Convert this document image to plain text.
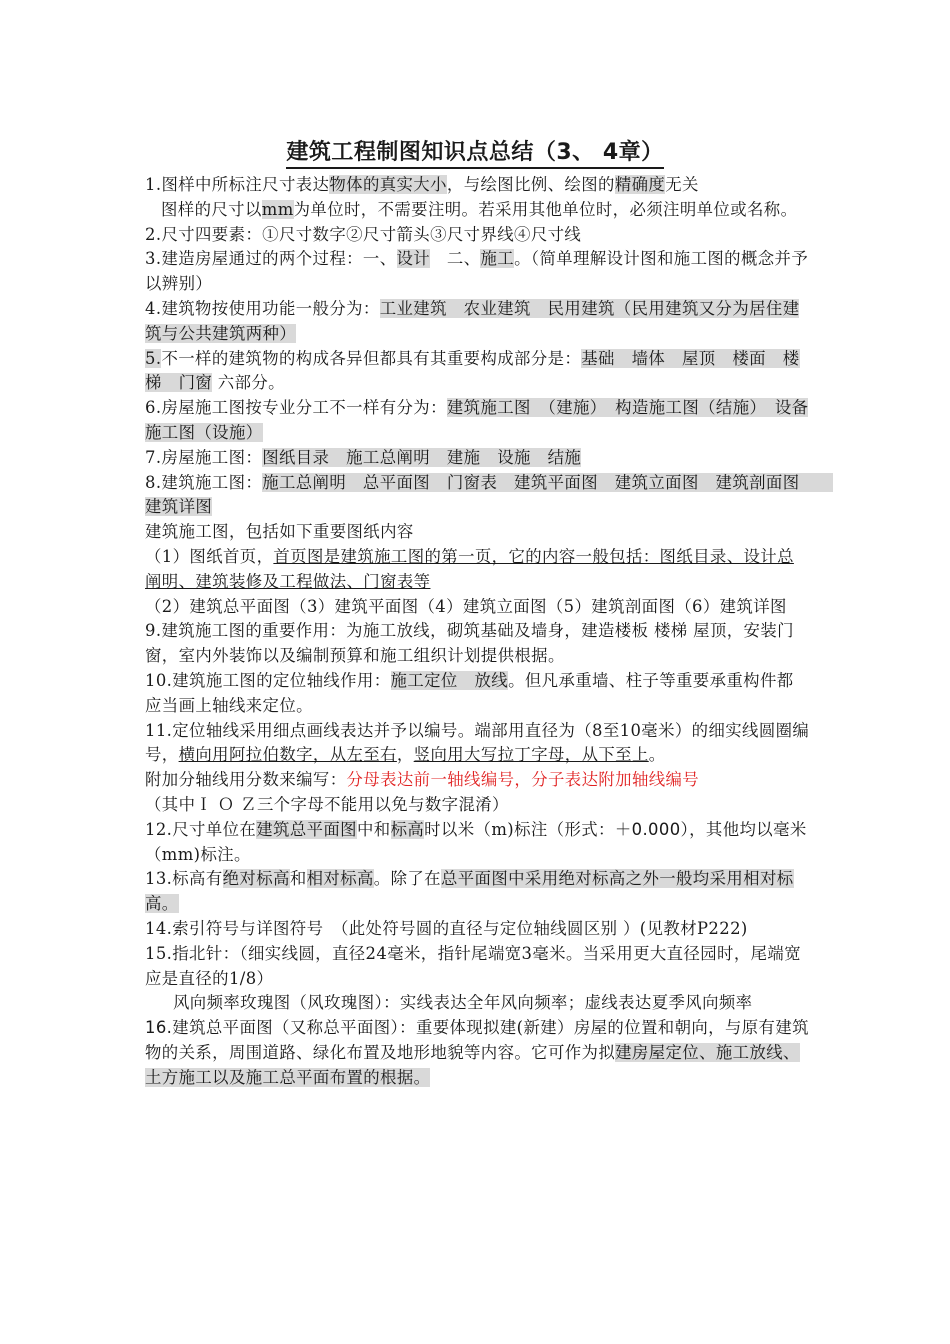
建筑工程制图知识点总结（3、 4章）

1.图样中所标注尺寸表达物体的真实大小，与绘图比例、绘图的精确度无关

图样的尺寸以mm为单位时，不需要注明。若采用其他单位时，必须注明单位或名称。

2.尺寸四要素：①尺寸数字②尺寸箭头③尺寸界线④尺寸线

3.建造房屋通过的两个过程：一、设计　二、施工。（简单理解设计图和施工图的概念并予以辨别）

4.建筑物按使用功能一般分为：工业建筑　农业建筑　民用建筑（民用建筑又分为居住建筑与公共建筑两种）

5.不一样的建筑物的构成各异但都具有其重要构成部分是：基础　墙体　屋顶　楼面　楼梯　门窗 六部分。

6.房屋施工图按专业分工不一样有分为：建筑施工图　（建施）　构造施工图（结施）　设备施工图（设施）

7.房屋施工图：图纸目录　施工总阐明　建施　设施　结施

8.建筑施工图：施工总阐明　总平面图　门窗表　建筑平面图　建筑立面图　建筑剖面图　　建筑详图

建筑施工图，包括如下重要图纸内容

（1）图纸首页，首页图是建筑施工图的第一页，它的内容一般包括：图纸目录、设计总阐明、建筑装修及工程做法、门窗表等

（2）建筑总平面图（3）建筑平面图（4）建筑立面图（5）建筑剖面图（6）建筑详图

9.建筑施工图的重要作用：为施工放线，砌筑基础及墙身，建造楼板 楼梯 屋顶，安装门窗，室内外装饰以及编制预算和施工组织计划提供根据。

10.建筑施工图的定位轴线作用：施工定位　放线。但凡承重墙、柱子等重要承重构件都应当画上轴线来定位。

11.定位轴线采用细点画线表达并予以编号。端部用直径为（8至10毫米）的细实线圆圈编号，横向用阿拉伯数字，从左至右，竖向用大写拉丁字母，从下至上。

附加分轴线用分数来编写：分母表达前一轴线编号，分子表达附加轴线编号

（其中Ｉ Ｏ Ｚ三个字母不能用以免与数字混淆）

12.尺寸单位在建筑总平面图中和标高时以米（m)标注（形式：＋0.000），其他均以毫米（mm)标注。

13.标高有绝对标高和相对标高。除了在总平面图中采用绝对标高之外一般均采用相对标高。

14.索引符号与详图符号　（此处符号圆的直径与定位轴线圆区别 ）(见教材P222)

15.指北针：（细实线圆，直径24毫米，指针尾端宽3毫米。当采用更大直径园时，尾端宽应是直径的1/8）

风向频率玫瑰图（风玫瑰图）：实线表达全年风向频率；虚线表达夏季风向频率

16.建筑总平面图（又称总平面图）：重要体现拟建(新建）房屋的位置和朝向，与原有建筑物的关系，周围道路、绿化布置及地形地貌等内容。它可作为拟建房屋定位、施工放线、土方施工以及施工总平面布置的根据。
